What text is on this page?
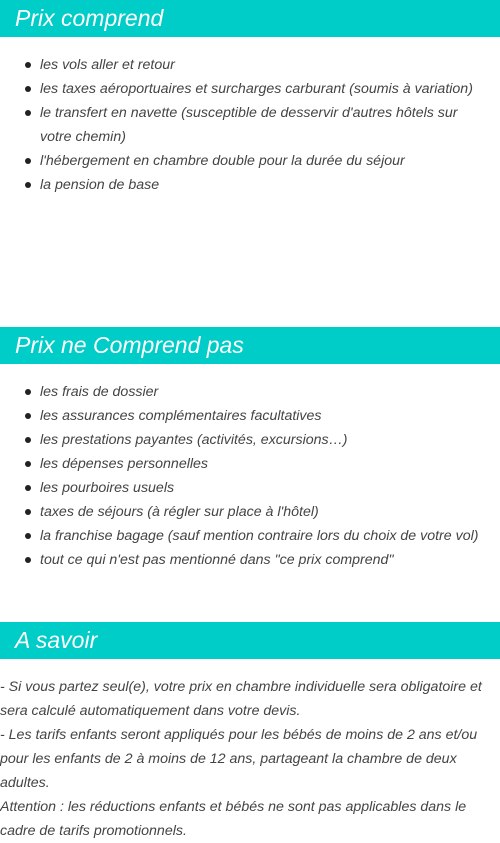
Prix comprend
les vols aller et retour
les taxes aéroportuaires et surcharges carburant (soumis à variation)
le transfert en navette (susceptible de desservir d'autres hôtels sur votre chemin)
l'hébergement en chambre double pour la durée du séjour
la pension de base
Prix ne Comprend pas
les frais de dossier
les assurances complémentaires facultatives
les prestations payantes (activités, excursions…)
les dépenses personnelles
les pourboires usuels
taxes de séjours (à régler sur place à l'hôtel)
la franchise bagage (sauf mention contraire lors du choix de votre vol)
tout ce qui n'est pas mentionné dans "ce prix comprend"
A savoir

- Si vous partez seul(e), votre prix en chambre individuelle sera obligatoire et sera calculé automatiquement dans votre devis.

- Les tarifs enfants seront appliqués pour les bébés de moins de 2 ans et/ou pour les enfants de 2 à moins de 12 ans, partageant la chambre de deux adultes.

Attention : les réductions enfants et bébés ne sont pas applicables dans le cadre de tarifs promotionnels.
